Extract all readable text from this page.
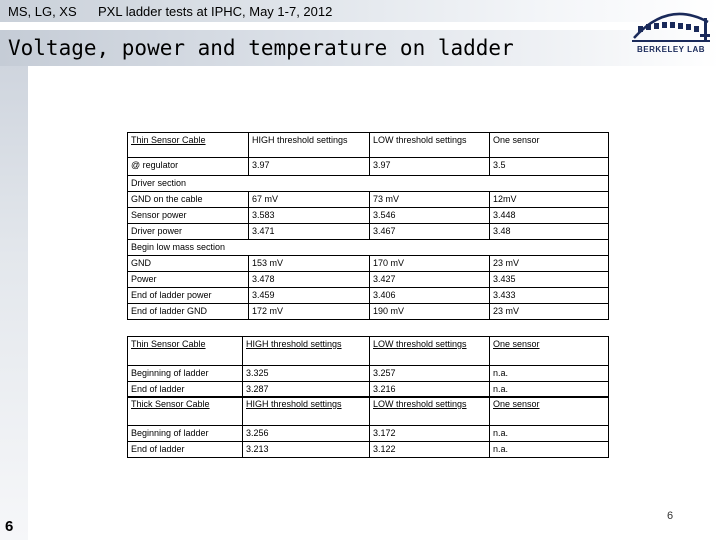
MS, LG, XS PXL ladder tests at IPHC, May 1-7, 2012
Voltage, power and temperature on ladder	BERKELEY LAB
Thin Sensor Cable	HIGH threshold settings	LOW threshold settings	One sensor
@ regulator	3.97	3.97	3.5
Driver section			
GND on the cable	67 mV	73 mV	12mV
Sensor power	3.583	3.546	3.448
Driver power	3.471	3.467	3.48
Begin low mass section			
GND	153 mV	170 mV	23 mV
Power	3.478	3.427	3.435
End of ladder power	3.459	3.406	3.433
End of ladder GND	172 mV	190 mV	23 mV
Thin Sensor Cable	HIGH threshold settings	LOW threshold settings	One sensor
Beginning of ladder	3.325	3.257	n.a.
End of ladder	3.287	3.216	n.a.
Thick Sensor Cable	HIGH threshold settings	LOW threshold settings	One sensor
Beginning of ladder	3.256	3.172	n.a.
End of ladder	3.213	3.122	n.a.
6
6
